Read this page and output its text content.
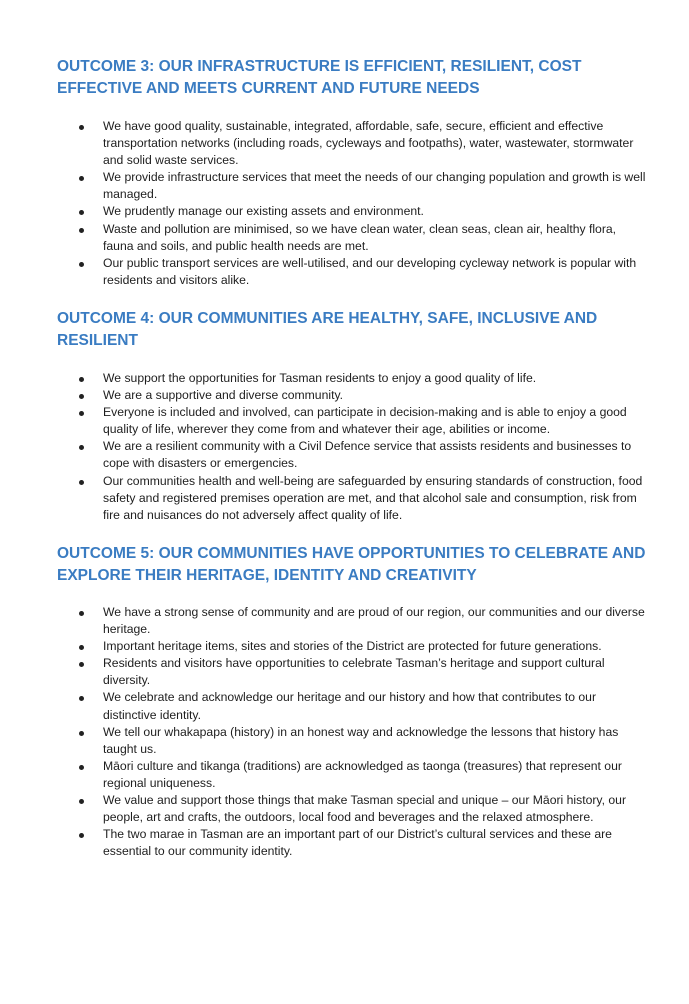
OUTCOME 3: OUR INFRASTRUCTURE IS EFFICIENT, RESILIENT, COST EFFECTIVE AND MEETS CURRENT AND FUTURE NEEDS
We have good quality, sustainable, integrated, affordable, safe, secure, efficient and effective transportation networks (including roads, cycleways and footpaths), water, wastewater, stormwater and solid waste services.
We provide infrastructure services that meet the needs of our changing population and growth is well managed.
We prudently manage our existing assets and environment.
Waste and pollution are minimised, so we have clean water, clean seas, clean air, healthy flora, fauna and soils, and public health needs are met.
Our public transport services are well-utilised, and our developing cycleway network is popular with residents and visitors alike.
OUTCOME 4: OUR COMMUNITIES ARE HEALTHY, SAFE, INCLUSIVE AND RESILIENT
We support the opportunities for Tasman residents to enjoy a good quality of life.
We are a supportive and diverse community.
Everyone is included and involved, can participate in decision-making and is able to enjoy a good quality of life, wherever they come from and whatever their age, abilities or income.
We are a resilient community with a Civil Defence service that assists residents and businesses to cope with disasters or emergencies.
Our communities health and well-being are safeguarded by ensuring standards of construction, food safety and registered premises operation are met, and that alcohol sale and consumption, risk from fire and nuisances do not adversely affect quality of life.
OUTCOME 5: OUR COMMUNITIES HAVE OPPORTUNITIES TO CELEBRATE AND EXPLORE THEIR HERITAGE, IDENTITY AND CREATIVITY
We have a strong sense of community and are proud of our region, our communities and our diverse heritage.
Important heritage items, sites and stories of the District are protected for future generations.
Residents and visitors have opportunities to celebrate Tasman’s heritage and support cultural diversity.
We celebrate and acknowledge our heritage and our history and how that contributes to our distinctive identity.
We tell our whakapapa (history) in an honest way and acknowledge the lessons that history has taught us.
Māori culture and tikanga (traditions) are acknowledged as taonga (treasures) that represent our regional uniqueness.
We value and support those things that make Tasman special and unique – our Māori history, our people, art and crafts, the outdoors, local food and beverages and the relaxed atmosphere.
The two marae in Tasman are an important part of our District’s cultural services and these are essential to our community identity.
